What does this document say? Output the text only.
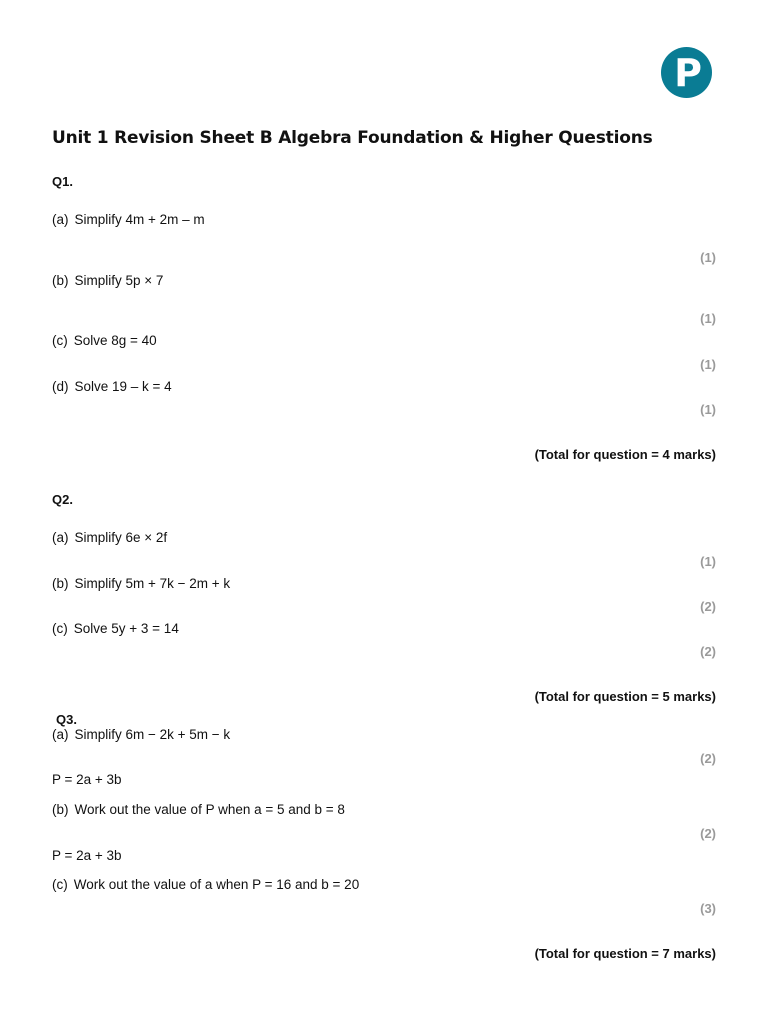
P
Unit 1 Revision Sheet B Algebra Foundation & Higher Questions
Q1.
(a) Simplify 4m + 2m – m
(1)
(b) Simplify 5p × 7
(1)
(c) Solve 8g = 40
(1)
(d) Solve 19 – k = 4
(1)
(Total for question = 4 marks)
Q2.
(a) Simplify 6e × 2f
(1)
(b) Simplify 5m + 7k − 2m + k
(2)
(c) Solve 5y + 3 = 14
(2)
(Total for question = 5 marks)
Q3.
(a) Simplify 6m − 2k + 5m − k
(2)
P = 2a + 3b
(b) Work out the value of P when a = 5 and b = 8
(2)
P = 2a + 3b
(c) Work out the value of a when P = 16 and b = 20
(3)
(Total for question = 7 marks)
